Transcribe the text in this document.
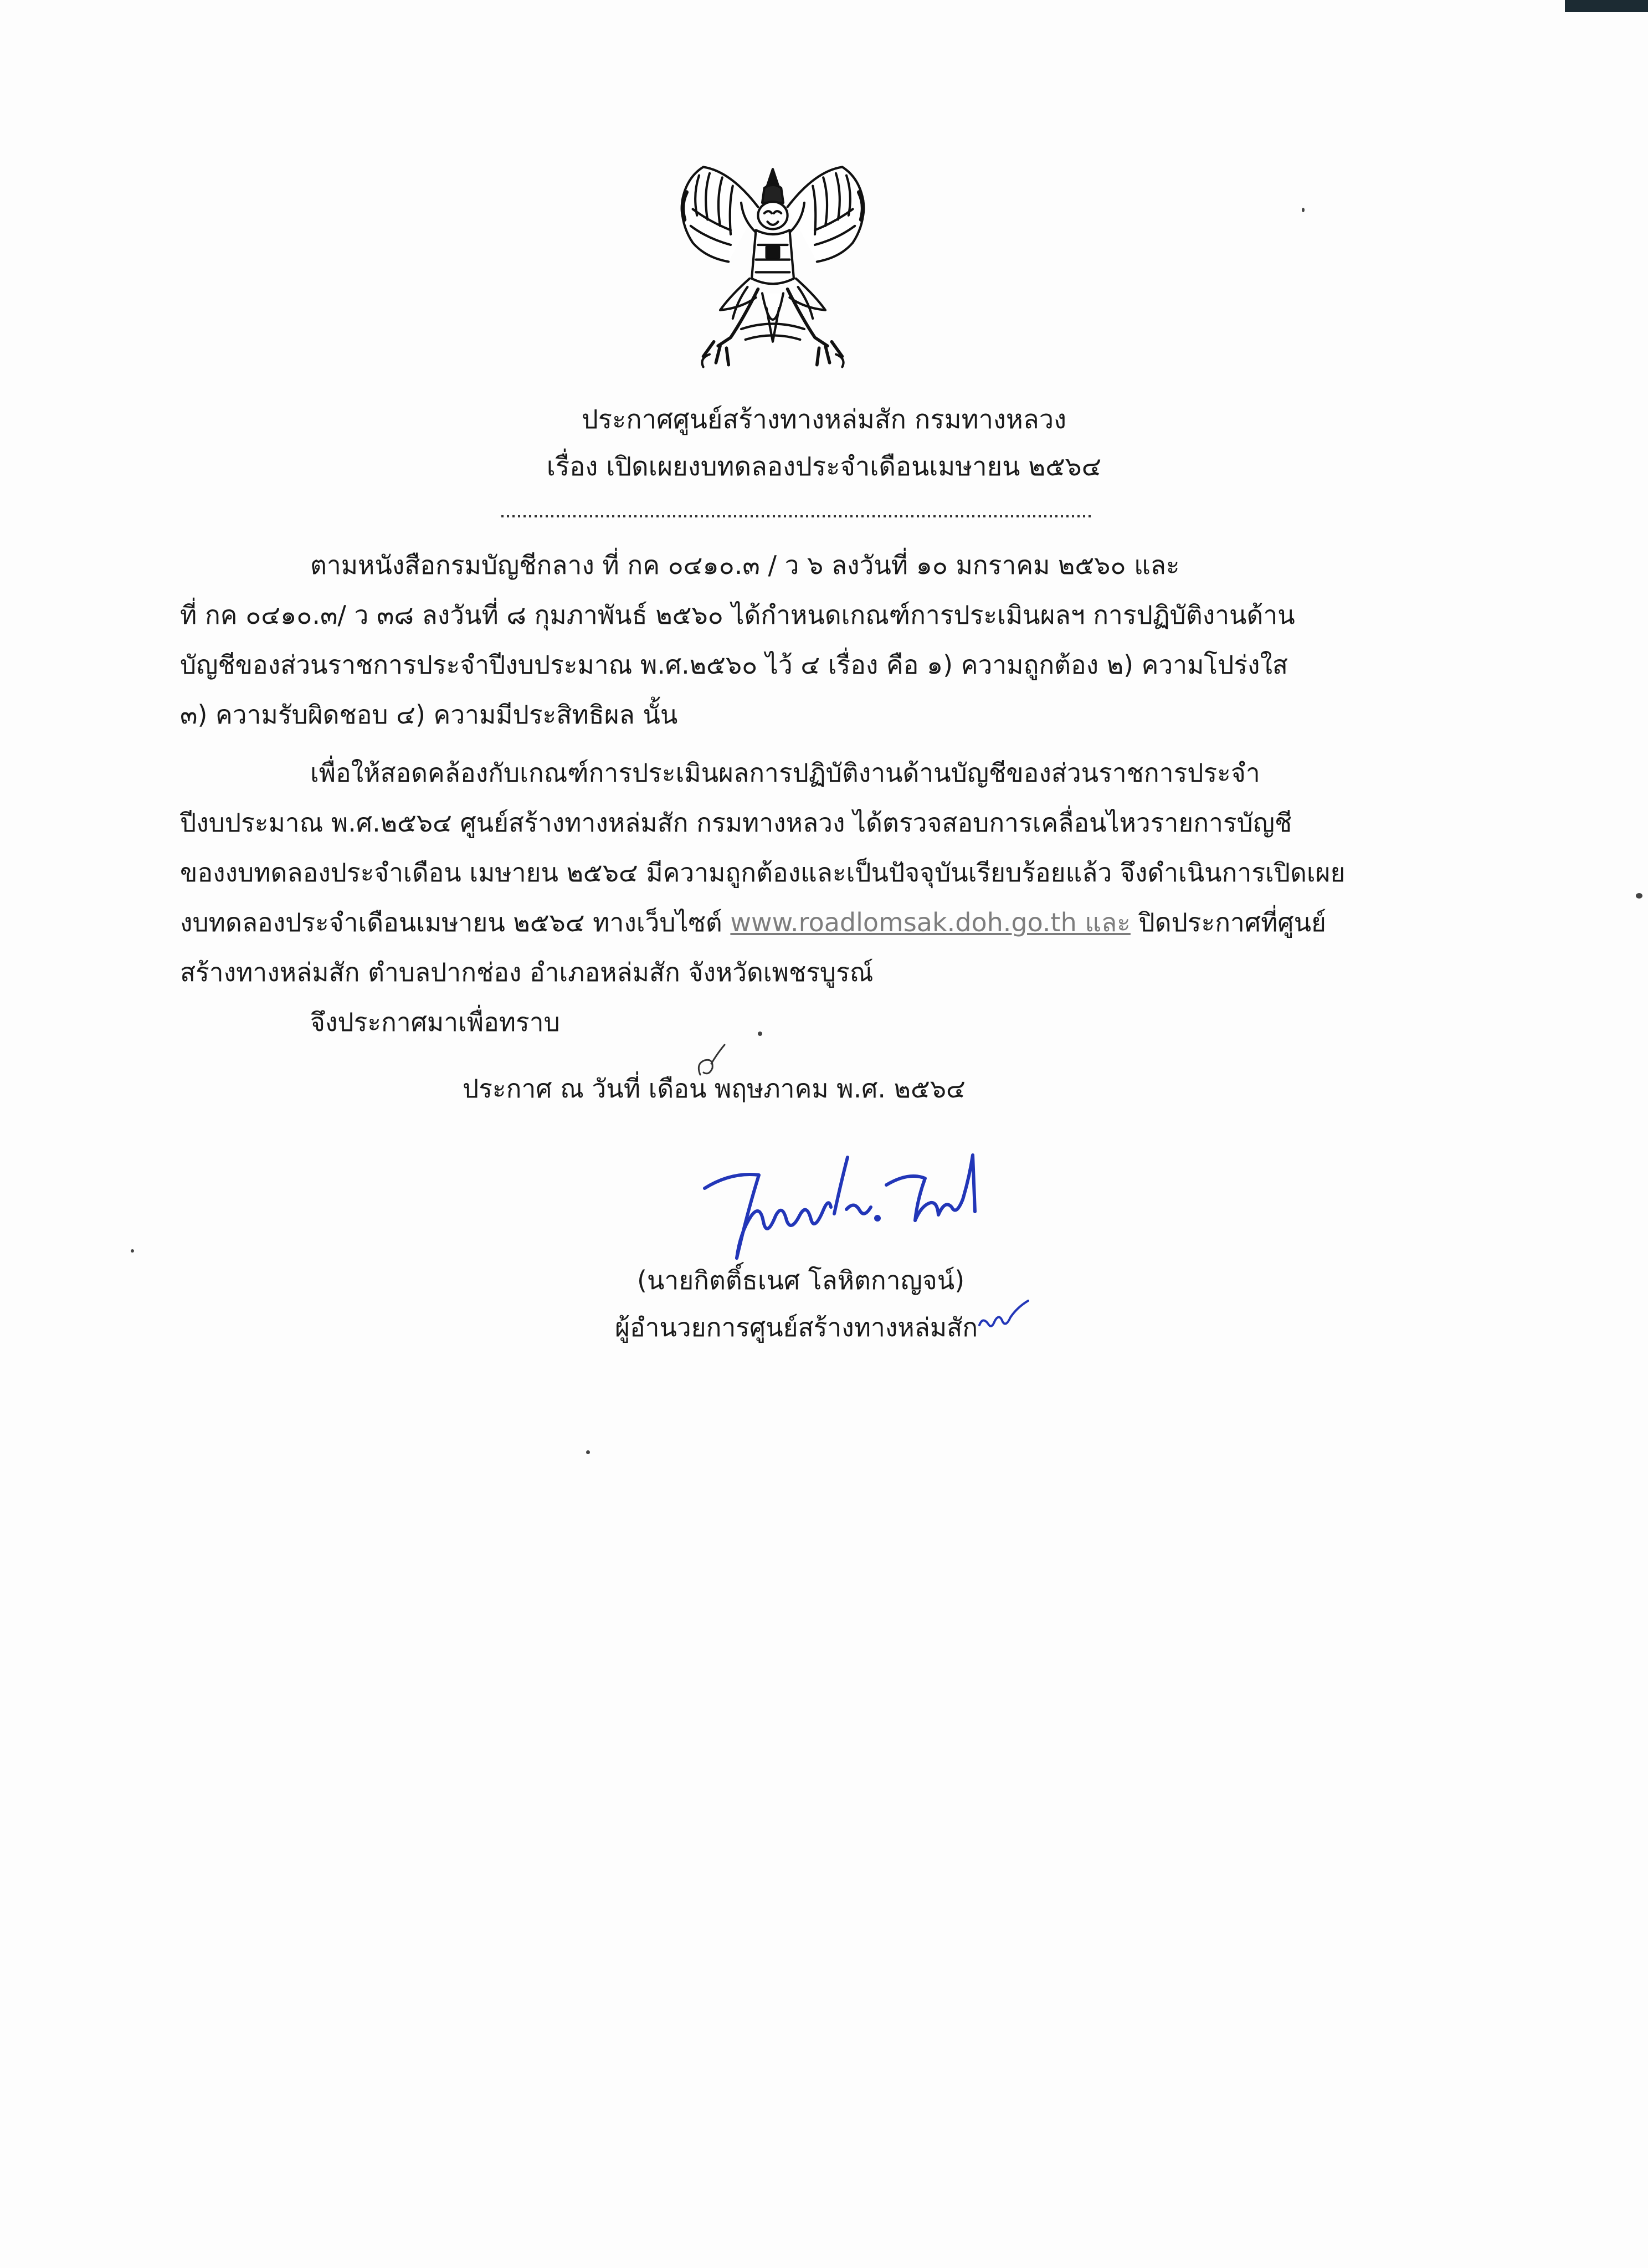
ประกาศศูนย์สร้างทางหล่มสัก กรมทางหลวง
เรื่อง เปิดเผยงบทดลองประจำเดือนเมษายน ๒๕๖๔
ตามหนังสือกรมบัญชีกลาง ที่ กค ๐๔๑๐.๓ / ว ๖ ลงวันที่ ๑๐ มกราคม ๒๕๖๐ และ
ที่ กค ๐๔๑๐.๓/ ว ๓๘ ลงวันที่ ๘ กุมภาพันธ์ ๒๕๖๐ ได้กำหนดเกณฑ์การประเมินผลฯ การปฏิบัติงานด้าน
บัญชีของส่วนราชการประจำปีงบประมาณ พ.ศ.๒๕๖๐ ไว้ ๔ เรื่อง คือ ๑) ความถูกต้อง ๒) ความโปร่งใส
๓) ความรับผิดชอบ ๔) ความมีประสิทธิผล นั้น
เพื่อให้สอดคล้องกับเกณฑ์การประเมินผลการปฏิบัติงานด้านบัญชีของส่วนราชการประจำ
ปีงบประมาณ พ.ศ.๒๕๖๔ ศูนย์สร้างทางหล่มสัก กรมทางหลวง ได้ตรวจสอบการเคลื่อนไหวรายการบัญชี
ของงบทดลองประจำเดือน เมษายน ๒๕๖๔ มีความถูกต้องและเป็นปัจจุบันเรียบร้อยแล้ว จึงดำเนินการเปิดเผย
งบทดลองประจำเดือนเมษายน ๒๕๖๔ ทางเว็บไซต์ www.roadlomsak.doh.go.th และ ปิดประกาศที่ศูนย์
สร้างทางหล่มสัก ตำบลปากช่อง อำเภอหล่มสัก จังหวัดเพชรบูรณ์
จึงประกาศมาเพื่อทราบ
ประกาศ ณ วันที่ เดือน พฤษภาคม พ.ศ. ๒๕๖๔
(นายกิตติ์ธเนศ โลหิตกาญจน์)
ผู้อำนวยการศูนย์สร้างทางหล่มสัก
